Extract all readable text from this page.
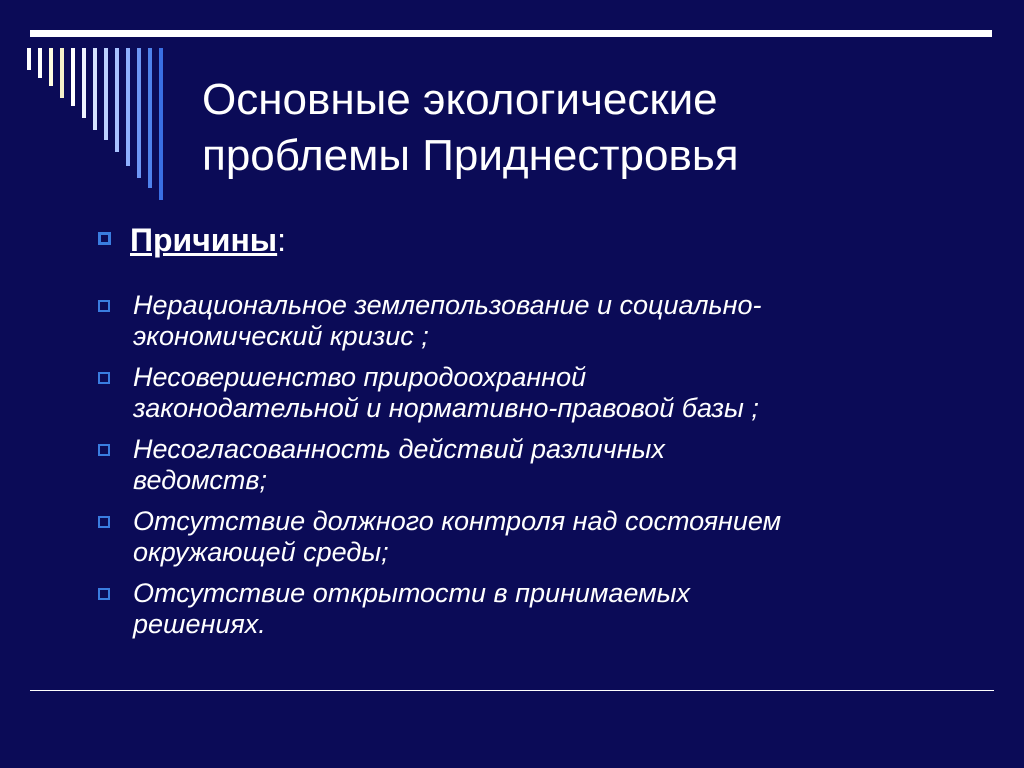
Основные экологические
проблемы Приднестровья
Причины:
Нерациональное землепользование и социально-
экономический кризис ;
Несовершенство природоохранной
законодательной и нормативно-правовой базы ;
Несогласованность действий различных
ведомств;
Отсутствие должного контроля над состоянием
окружающей среды;
Отсутствие открытости в принимаемых
решениях.
